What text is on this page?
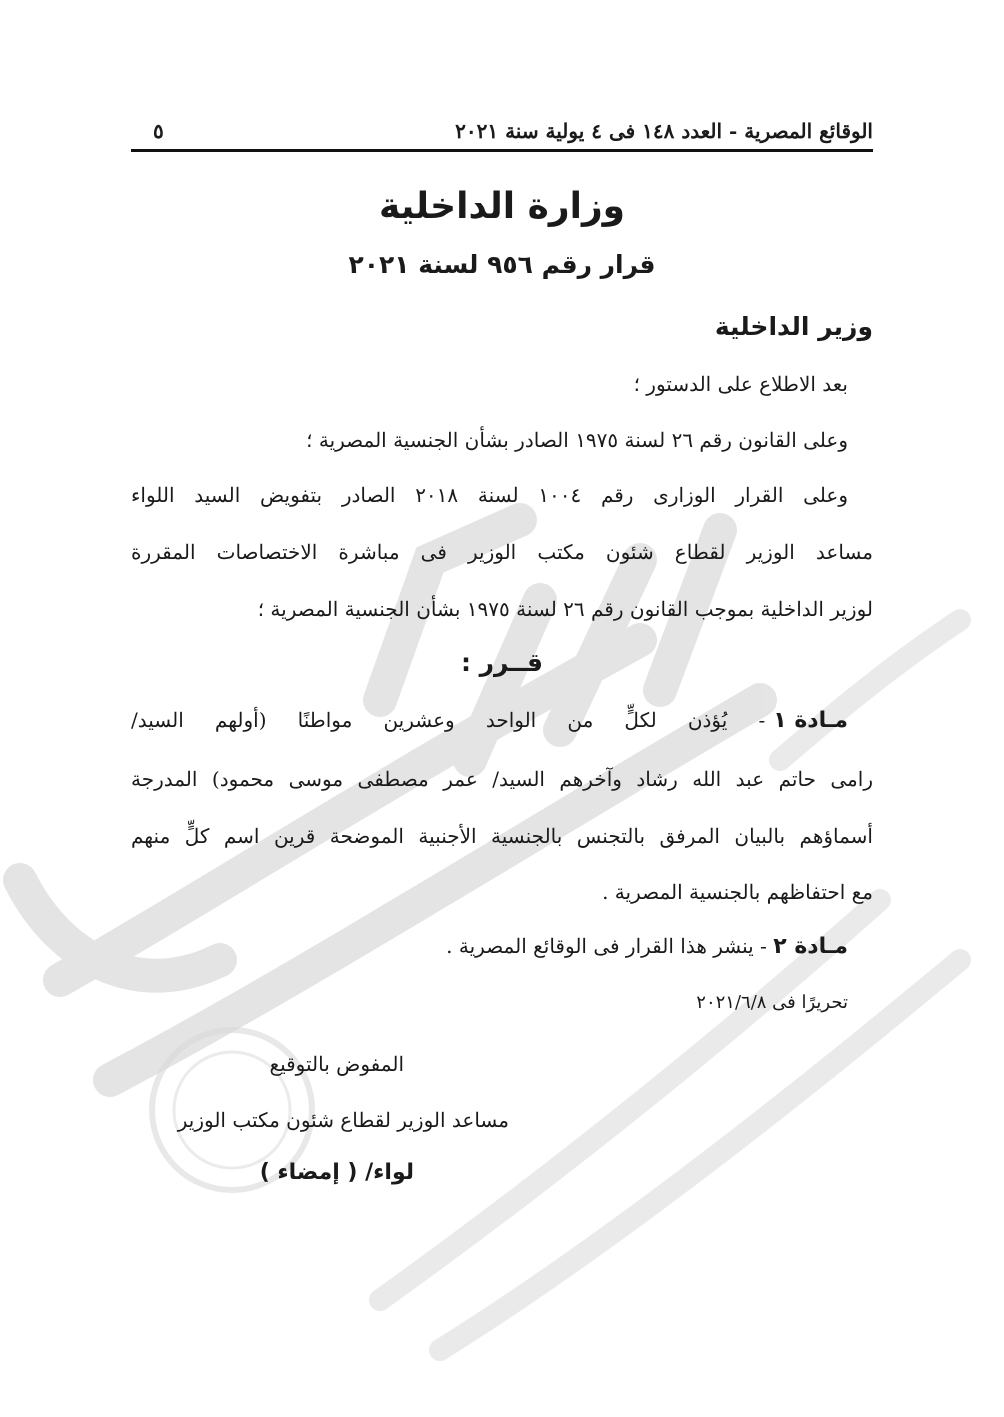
الوقائع المصرية - العدد ١٤٨ فى ٤ يولية سنة ٢٠٢١
٥
وزارة الداخلية
قرار رقم ٩٥٦ لسنة ٢٠٢١
وزير الداخلية
بعد الاطلاع على الدستور ؛
وعلى القانون رقم ٢٦ لسنة ١٩٧٥ الصادر بشأن الجنسية المصرية ؛
وعلى القرار الوزارى رقم ١٠٠٤ لسنة ٢٠١٨ الصادر بتفويض السيد اللواء
مساعد الوزير لقطاع شئون مكتب الوزير فى مباشرة الاختصاصات المقررة
لوزير الداخلية بموجب القانون رقم ٢٦ لسنة ١٩٧٥ بشأن الجنسية المصرية ؛
قــرر :
مـادة ١
- يُؤذن لكلٍّ من الواحد وعشرين مواطنًا (أولهم السيد/
رامى حاتم عبد الله رشاد وآخرهم السيد/ عمر مصطفى موسى محمود) المدرجة
أسماؤهم بالبيان المرفق بالتجنس بالجنسية الأجنبية الموضحة قرين اسم كلٍّ منهم
مع احتفاظهم بالجنسية المصرية .
مـادة ٢ - ينشر هذا القرار فى الوقائع المصرية .
تحريرًا فى ٢٠٢١/٦/٨
المفوض بالتوقيع
مساعد الوزير لقطاع شئون مكتب الوزير
لواء/ ( إمضاء )
